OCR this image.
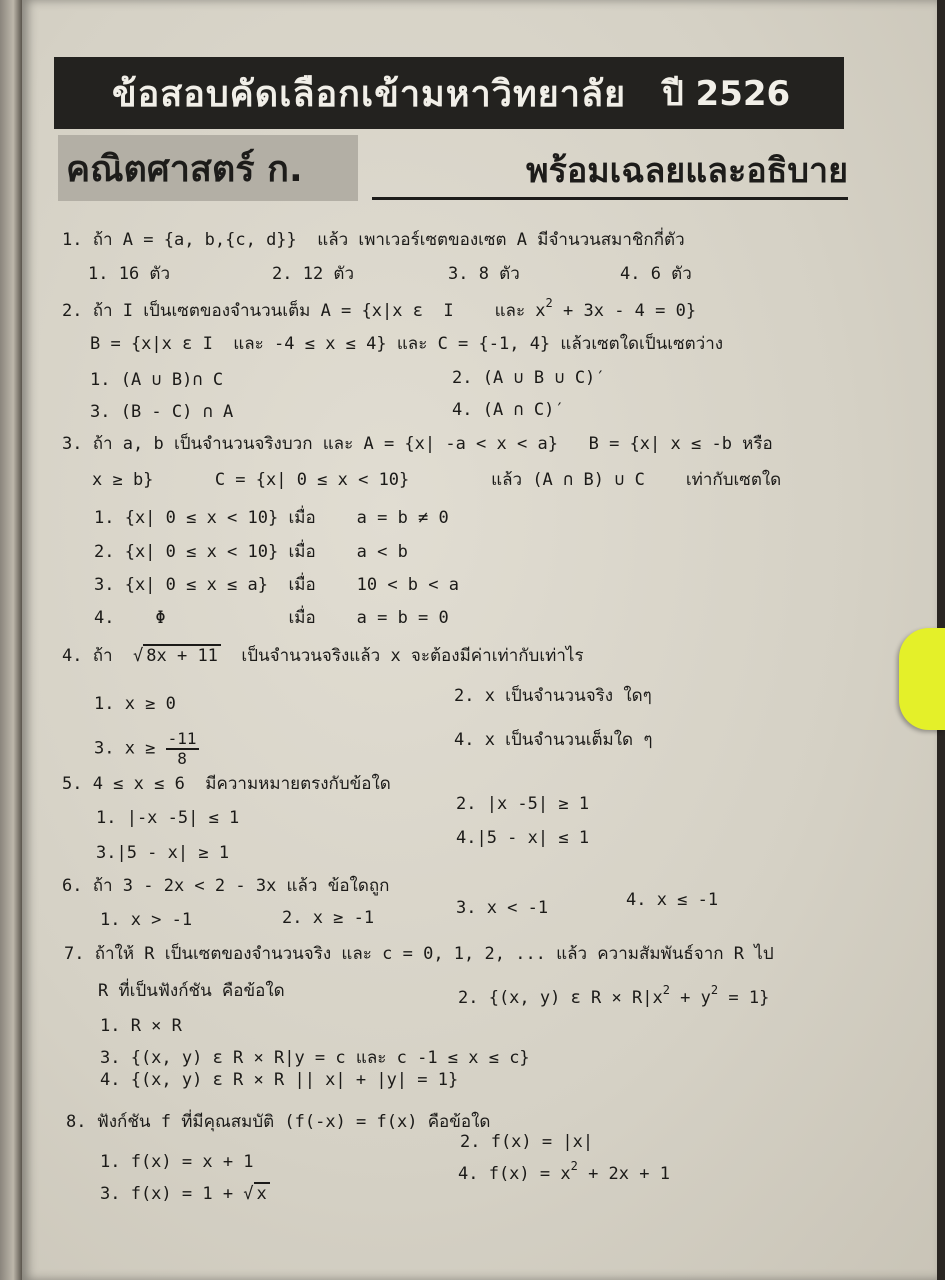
ข้อสอบคัดเลือกเข้ามหาวิทยาลัย ปี 2526
คณิตศาสตร์ ก.	พร้อมเฉลยและอธิบาย
1. ถ้า A = {a, b,{c, d}}  แล้ว เพาเวอร์เซตของเซต A มีจำนวนสมาชิกกี่ตัว
1. 16 ตัว	2. 12 ตัว	3. 8 ตัว	4. 6 ตัว
2. ถ้า I เป็นเซตของจำนวนเต็ม A = {x|x ε  I    และ $x^2 + 3x - 4 = 0$}
B = {x|x ε I  และ -4 ≤ x ≤ 4} และ C = {-1, 4} แล้วเซตใดเป็นเซตว่าง
1. (A ∪ B)∩ C	2. (A ∪ B ∪ C)′
3. (B - C) ∩ A	4. (A ∩ C)′
3. ถ้า a, b เป็นจำนวนจริงบวก และ A = {x| -a < x < a}   B = {x| x ≤ -b หรือ
x ≥ b}      C = {x| 0 ≤ x < 10}        แล้ว (A ∩ B) ∪ C    เท่ากับเซตใด
1. {x| 0 ≤ x < 10} เมื่อ    a = b ≠ 0
2. {x| 0 ≤ x < 10} เมื่อ    a < b
3. {x| 0 ≤ x ≤ a}  เมื่อ    10 < b < a
4.    Φ            เมื่อ    a = b = 0
4. ถ้า  √ 8x + 11  เป็นจำนวนจริงแล้ว x จะต้องมีค่าเท่ากับเท่าไร
1. x ≥ 0	2. x เป็นจำนวนจริง ใดๆ
3. $x \ge \frac{-11}{8}$	4. x เป็นจำนวนเต็มใด ๆ
5. 4 ≤ x ≤ 6  มีความหมายตรงกับข้อใด
1. |-x -5| ≤ 1
2. |x -5| ≥ 1
3.|5 - x| ≥ 1
4.|5 - x| ≤ 1
6. ถ้า 3 - 2x < 2 - 3x แล้ว ข้อใดถูก
1. x > -1	2. x ≥ -1	3. x < -1	4. x ≤ -1
7. ถ้าให้ R เป็นเซตของจำนวนจริง และ c = 0, 1, 2, ... แล้ว ความสัมพันธ์จาก R ไป
R ที่เป็นฟังก์ชัน คือข้อใด
1. R × R
2. {(x, y) ε $R \times R|x^2 + y^2 = 1$}
3. {(x, y) ε R × R|y = c และ c -1 ≤ x ≤ c}
4. {(x, y) ε R × R || x| + |y| = 1}
8. ฟังก์ชัน f ที่มีคุณสมบัติ (f(-x) = f(x) คือข้อใด
1. f(x) = x + 1
2. f(x) = |x|
3. f(x) = 1 + √ x
4. $f(x) = x^2 + 2x + 1$
